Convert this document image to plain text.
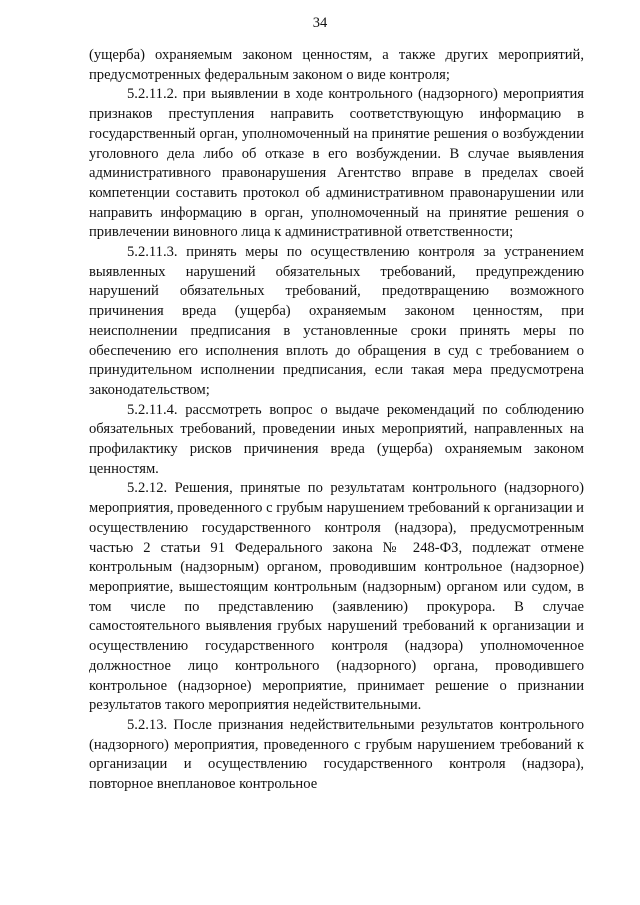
34

(ущерба) охраняемым законом ценностям, а также других мероприятий, предусмотренных федеральным законом о виде контроля;

5.2.11.2. при выявлении в ходе контрольного (надзорного) мероприятия признаков преступления направить соответствующую информацию в государственный орган, уполномоченный на принятие решения о возбуждении уголовного дела либо об отказе в его возбуждении. В случае выявления административного правонарушения Агентство вправе в пределах своей компетенции составить протокол об административном правонарушении или направить информацию в орган, уполномоченный на принятие решения о привлечении виновного лица к административной ответственности;

5.2.11.3. принять меры по осуществлению контроля за устранением выявленных нарушений обязательных требований, предупреждению нарушений обязательных требований, предотвращению возможного причинения вреда (ущерба) охраняемым законом ценностям, при неисполнении предписания в установленные сроки принять меры по обеспечению его исполнения вплоть до обращения в суд с требованием о принудительном исполнении предписания, если такая мера предусмотрена законодательством;

5.2.11.4. рассмотреть вопрос о выдаче рекомендаций по соблюдению обязательных требований, проведении иных мероприятий, направленных на профилактику рисков причинения вреда (ущерба) охраняемым законом ценностям.

5.2.12. Решения, принятые по результатам контрольного (надзорного) мероприятия, проведенного с грубым нарушением требований к организации и осуществлению государственного контроля (надзора), предусмотренным частью 2 статьи 91 Федерального закона № 248-ФЗ, подлежат отмене контрольным (надзорным) органом, проводившим контрольное (надзорное) мероприятие, вышестоящим контрольным (надзорным) органом или судом, в том числе по представлению (заявлению) прокурора. В случае самостоятельного выявления грубых нарушений требований к организации и осуществлению государственного контроля (надзора) уполномоченное должностное лицо контрольного (надзорного) органа, проводившего контрольное (надзорное) мероприятие, принимает решение о признании результатов такого мероприятия недействительными.

5.2.13. После признания недействительными результатов контрольного (надзорного) мероприятия, проведенного с грубым нарушением требований к организации и осуществлению государственного контроля (надзора), повторное внеплановое контрольное
